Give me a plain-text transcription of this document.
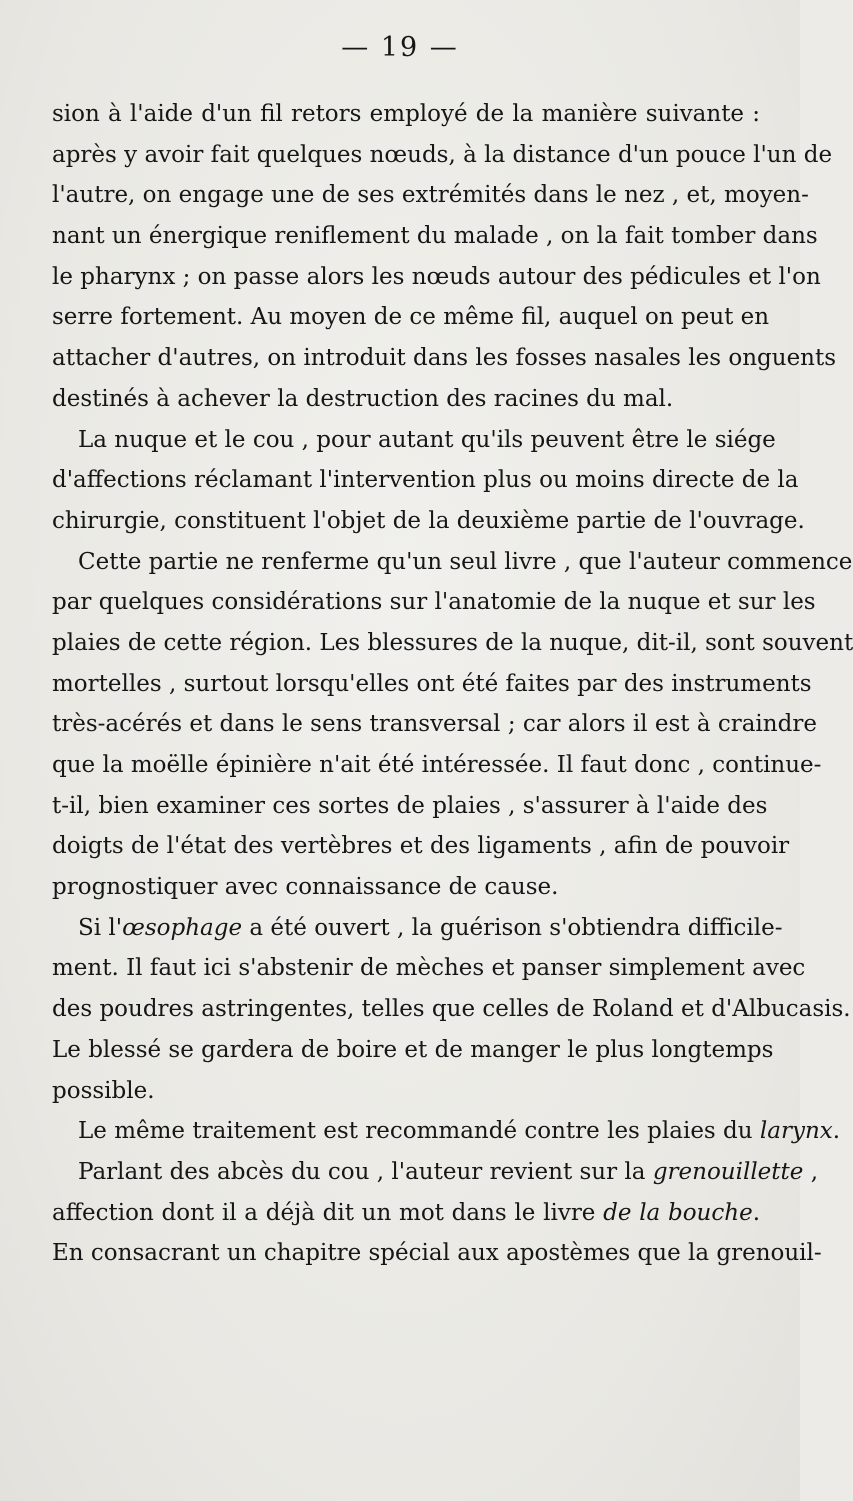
— 19 —
sion à l'aide d'un fil retors employé de la manière suivante :
après y avoir fait quelques nœuds, à la distance d'un pouce l'un de
l'autre, on engage une de ses extrémités dans le nez , et, moyen-
nant un énergique reniflement du malade , on la fait tomber dans
le pharynx ; on passe alors les nœuds autour des pédicules et l'on
serre fortement. Au moyen de ce même fil, auquel on peut en
attacher d'autres, on introduit dans les fosses nasales les onguents
destinés à achever la destruction des racines du mal.
La nuque et le cou , pour autant qu'ils peuvent être le siége
d'affections réclamant l'intervention plus ou moins directe de la
chirurgie, constituent l'objet de la deuxième partie de l'ouvrage.
Cette partie ne renferme qu'un seul livre , que l'auteur commence
par quelques considérations sur l'anatomie de la nuque et sur les
plaies de cette région. Les blessures de la nuque, dit-il, sont souvent
mortelles , surtout lorsqu'elles ont été faites par des instruments
très-acérés et dans le sens transversal ; car alors il est à craindre
que la moëlle épinière n'ait été intéressée. Il faut donc , continue-
t-il, bien examiner ces sortes de plaies , s'assurer à l'aide des
doigts de l'état des vertèbres et des ligaments , afin de pouvoir
prognostiquer avec connaissance de cause.
Si l'œsophage a été ouvert , la guérison s'obtiendra difficile-
ment. Il faut ici s'abstenir de mèches et panser simplement avec
des poudres astringentes, telles que celles de Roland et d'Albucasis.
Le blessé se gardera de boire et de manger le plus longtemps
possible.
Le même traitement est recommandé contre les plaies du larynx.
Parlant des abcès du cou , l'auteur revient sur la grenouillette ,
affection dont il a déjà dit un mot dans le livre de la bouche.
En consacrant un chapitre spécial aux apostèmes que la grenouil-
